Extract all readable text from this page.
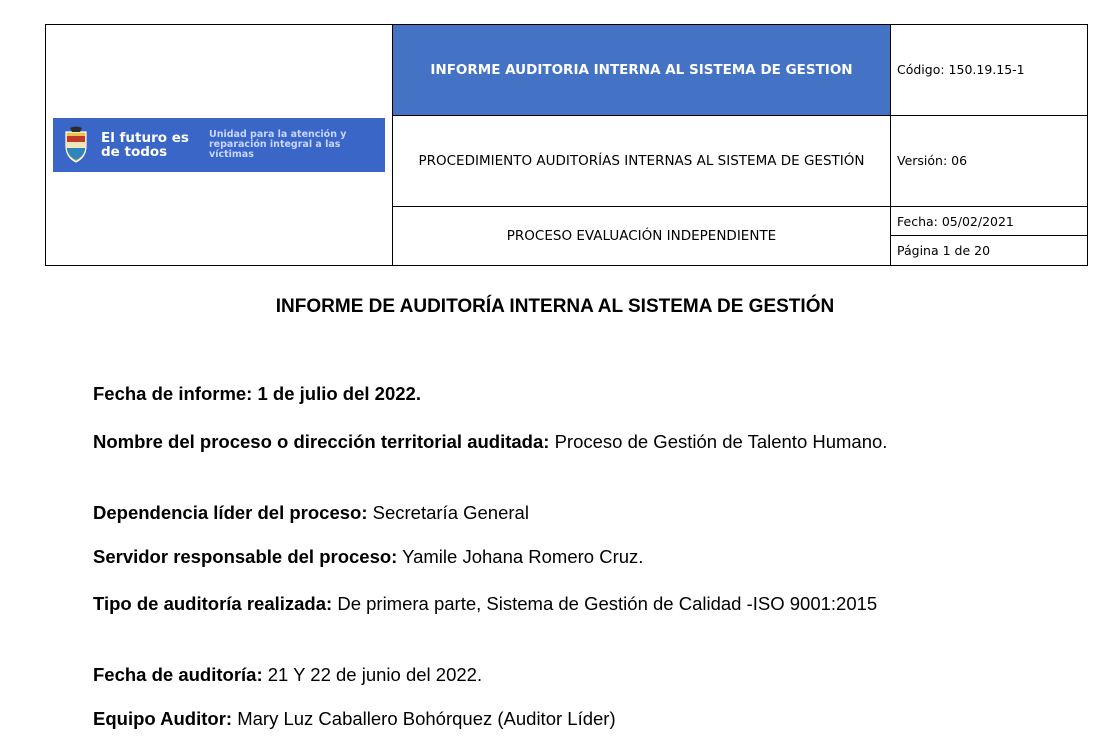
El futuro es de todos
Unidad para la atención y reparación integral a las víctimas	INFORME AUDITORIA INTERNA AL SISTEMA DE GESTION	Código: 150.19.15-1
	PROCEDIMIENTO AUDITORÍAS INTERNAS AL SISTEMA DE GESTIÓN	Versión: 06
	PROCESO EVALUACIÓN INDEPENDIENTE	Fecha: 05/02/2021
		Página 1 de 20
INFORME DE AUDITORÍA INTERNA AL SISTEMA DE GESTIÓN
Fecha de informe: 1 de julio del 2022.
Nombre del proceso o dirección territorial auditada: Proceso de Gestión de Talento Humano.
Dependencia líder del proceso: Secretaría General
Servidor responsable del proceso: Yamile Johana Romero Cruz.
Tipo de auditoría realizada: De primera parte, Sistema de Gestión de Calidad -ISO 9001:2015
Fecha de auditoría: 21 Y 22 de junio del 2022.
Equipo Auditor: Mary Luz Caballero Bohórquez (Auditor Líder)
